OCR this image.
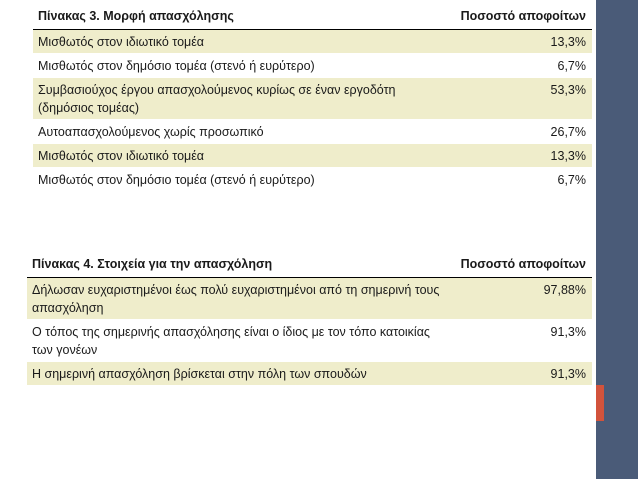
Πίνακας 3. Μορφή απασχόλησης	Ποσοστό αποφοίτων
Μισθωτός στον ιδιωτικό τομέα	13,3%
Μισθωτός στον δημόσιο τομέα (στενό ή ευρύτερο)	6,7%
Συμβασιούχος έργου απασχολούμενος κυρίως σε έναν εργοδότη (δημόσιος τομέας)	53,3%
Αυτοαπασχολούμενος χωρίς προσωπικό	26,7%
Μισθωτός στον ιδιωτικό τομέα	13,3%
Μισθωτός στον δημόσιο τομέα (στενό ή ευρύτερο)	6,7%
Πίνακας 4. Στοιχεία για την απασχόληση	Ποσοστό αποφοίτων
Δήλωσαν ευχαριστημένοι έως πολύ ευχαριστημένοι από τη σημερινή τους απασχόληση	97,88%
Ο τόπος της σημερινής απασχόλησης είναι ο ίδιος με τον τόπο κατοικίας των γονέων	91,3%
Η σημερινή απασχόληση βρίσκεται στην πόλη των σπουδών	91,3%
